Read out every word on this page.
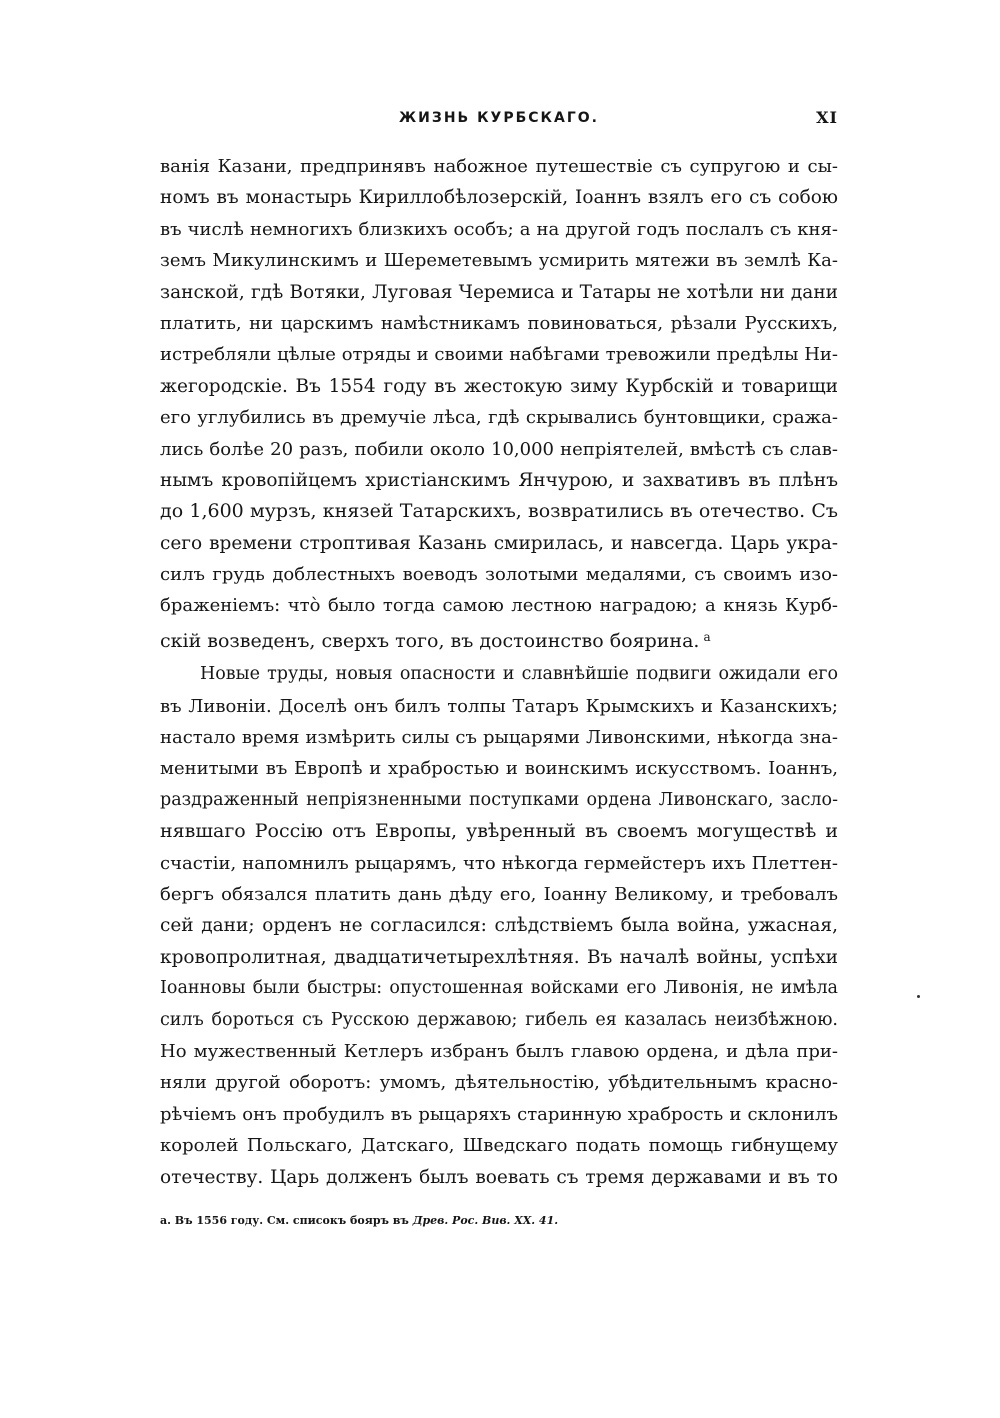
ЖИЗНЬ КУРБСКАГО.	XI
ванія Казани, предпринявъ набожное путешествіе съ супругою и сы-
номъ въ монастырь Кириллобѣлозерскій, Іоаннъ взялъ его съ собою
въ числѣ немногихъ близкихъ особъ; а на другой годъ послалъ съ кня-
земъ Микулинскимъ и Шереметевымъ усмирить мятежи въ землѣ Ка-
занской, гдѣ Вотяки, Луговая Черемиса и Татары не хотѣли ни дани
платить, ни царскимъ намѣстникамъ повиноваться, рѣзали Русскихъ,
истребляли цѣлые отряды и своими набѣгами тревожили предѣлы Ни-
жегородскіе. Въ 1554 году въ жестокую зиму Курбскій и товарищи
его углубились въ дремучіе лѣса, гдѣ скрывались бунтовщики, сража-
лись болѣе 20 разъ, побили около 10,000 непріятелей, вмѣстѣ съ слав-
нымъ кровопійцемъ христіанскимъ Янчурою, и захвативъ въ плѣнъ
до 1,600 мурзъ, князей Татарскихъ, возвратились въ отечество. Съ
сего времени строптивая Казань смирилась, и навсегда. Царь укра-
силъ грудь доблестныхъ воеводъ золотыми медалями, съ своимъ изо-
браженіемъ: что̀ было тогда самою лестною наградою; а князь Курб-
скій возведенъ, сверхъ того, въ достоинство боярина. $^а$
Новые труды, новыя опасности и славнѣйшіе подвиги ожидали его
въ Ливоніи. Доселѣ онъ билъ толпы Татаръ Крымскихъ и Казанскихъ;
настало время измѣрить силы съ рыцарями Ливонскими, нѣкогда зна-
менитыми въ Европѣ и храбростью и воинскимъ искусствомъ. Іоаннъ,
раздраженный непріязненными поступками ордена Ливонскаго, засло-
нявшаго Россію отъ Европы, увѣренный въ своемъ могуществѣ и
счастіи, напомнилъ рыцарямъ, что нѣкогда гермейстеръ ихъ Плеттен-
бергъ обязался платить дань дѣду его, Іоанну Великому, и требовалъ
сей дани; орденъ не согласился: слѣдствіемъ была война, ужасная,
кровопролитная, двадцатичетырехлѣтняя. Въ началѣ войны, успѣхи
Іоанновы были быстры: опустошенная войсками его Ливонія, не имѣла
силъ бороться съ Русскою державою; гибель ея казалась неизбѣжною.
Но мужественный Кетлеръ избранъ былъ главою ордена, и дѣла при-
няли другой оборотъ: умомъ, дѣятельностію, убѣдительнымъ красно-
рѣчіемъ онъ пробудилъ въ рыцаряхъ старинную храбрость и склонилъ
королей Польскаго, Датскаго, Шведскаго подать помощь гибнущему
отечеству. Царь долженъ былъ воевать съ тремя державами и въ то
а. Въ 1556 году. См. списокъ бояръ въ Древ. Рос. Вив. XX. 41.
